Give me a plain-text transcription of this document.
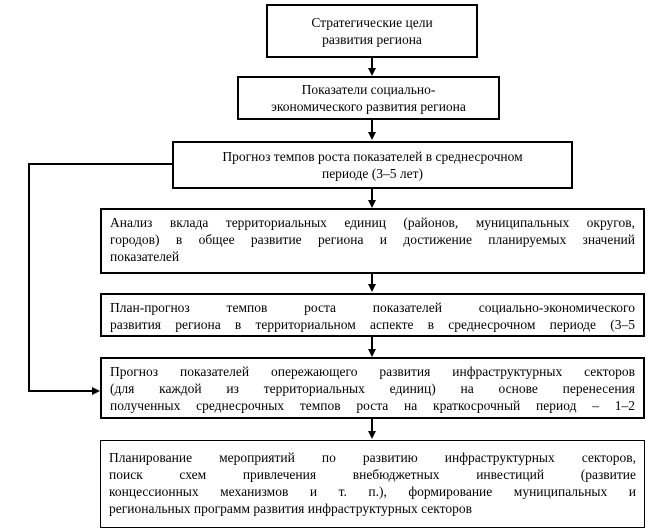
Стратегические цели
развития региона
Показатели социально-
экономического развития региона
Прогноз темпов роста показателей в среднесрочном
периоде (3–5 лет)

Анализ вклада территориальных единиц (районов, муниципальных округов,

городов) в общее развитие региона и достижение планируемых значений

показателей

План-прогноз темпов роста показателей социально-экономического

развития региона в территориальном аспекте в среднесрочном периоде (3–5

Прогноз показателей опережающего развития инфраструктурных секторов

(для каждой из территориальных единиц) на основе перенесения

полученных среднесрочных темпов роста на краткосрочный период – 1–2

Планирование мероприятий по развитию инфраструктурных секторов,

поиск схем привлечения внебюджетных инвестиций (развитие

концессионных механизмов и т. п.), формирование муниципальных и

региональных программ развития инфраструктурных секторов
